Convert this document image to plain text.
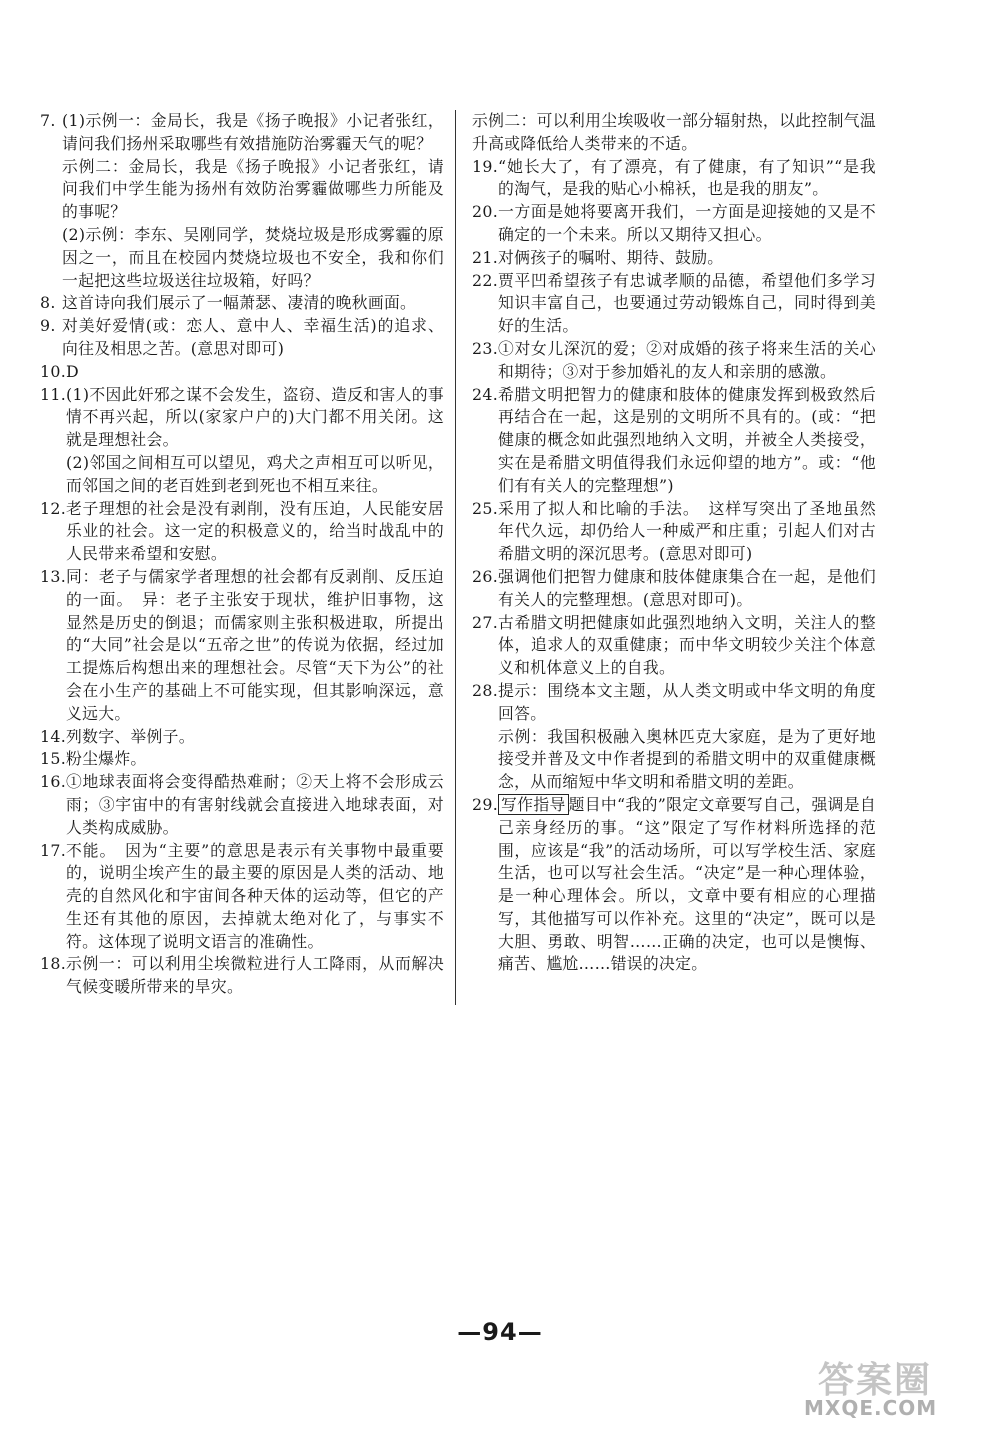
7. (1)示例一：金局长，我是《扬子晚报》小记者张红，请问我们扬州采取哪些有效措施防治雾霾天气的呢？

示例二：金局长，我是《扬子晚报》小记者张红，请问我们中学生能为扬州有效防治雾霾做哪些力所能及的事呢？

(2)示例：李东、吴刚同学，焚烧垃圾是形成雾霾的原因之一，而且在校园内焚烧垃圾也不安全，我和你们一起把这些垃圾送往垃圾箱，好吗？

8. 这首诗向我们展示了一幅萧瑟、凄清的晚秋画面。

9. 对美好爱情(或：恋人、意中人、幸福生活)的追求、向往及相思之苦。(意思对即可)

10. D

11. (1)不因此奸邪之谋不会发生，盗窃、造反和害人的事情不再兴起，所以(家家户户的)大门都不用关闭。这就是理想社会。

(2)邻国之间相互可以望见，鸡犬之声相互可以听见，而邻国之间的老百姓到老到死也不相互来往。

12. 老子理想的社会是没有剥削，没有压迫，人民能安居乐业的社会。这一定的积极意义的，给当时战乱中的人民带来希望和安慰。

13. 同：老子与儒家学者理想的社会都有反剥削、反压迫的一面。　异：老子主张安于现状，维护旧事物，这显然是历史的倒退；而儒家则主张积极进取，所提出的“大同”社会是以“五帝之世”的传说为依据，经过加工提炼后构想出来的理想社会。尽管“天下为公”的社会在小生产的基础上不可能实现，但其影响深远，意义远大。

14. 列数字、举例子。

15. 粉尘爆炸。

16. ①地球表面将会变得酷热难耐；②天上将不会形成云雨；③宇宙中的有害射线就会直接进入地球表面，对人类构成威胁。

17. 不能。　因为“主要”的意思是表示有关事物中最重要的，说明尘埃产生的最主要的原因是人类的活动、地壳的自然风化和宇宙间各种天体的运动等，但它的产生还有其他的原因，去掉就太绝对化了，与事实不符。这体现了说明文语言的准确性。

18. 示例一：可以利用尘埃微粒进行人工降雨，从而解决气候变暖所带来的旱灾。

示例二：可以利用尘埃吸收一部分辐射热，以此控制气温升高或降低给人类带来的不适。

19. “她长大了，有了漂亮，有了健康，有了知识”“是我的淘气，是我的贴心小棉袄，也是我的朋友”。

20. 一方面是她将要离开我们，一方面是迎接她的又是不确定的一个未来。所以又期待又担心。

21. 对俩孩子的嘱咐、期待、鼓励。

22. 贾平凹希望孩子有忠诚孝顺的品德，希望他们多学习知识丰富自己，也要通过劳动锻炼自己，同时得到美好的生活。

23. ①对女儿深沉的爱；②对成婚的孩子将来生活的关心和期待；③对于参加婚礼的友人和亲朋的感激。

24. 希腊文明把智力的健康和肢体的健康发挥到极致然后再结合在一起，这是别的文明所不具有的。(或：“把健康的概念如此强烈地纳入文明，并被全人类接受，实在是希腊文明值得我们永远仰望的地方”。或：“他们有有关人的完整理想”)

25. 采用了拟人和比喻的手法。　这样写突出了圣地虽然年代久远，却仍给人一种威严和庄重；引起人们对古希腊文明的深沉思考。(意思对即可)

26. 强调他们把智力健康和肢体健康集合在一起，是他们有关人的完整理想。(意思对即可)。

27. 古希腊文明把健康如此强烈地纳入文明，关注人的整体，追求人的双重健康；而中华文明较少关注个体意义和机体意义上的自我。

28. 提示：围绕本文主题，从人类文明或中华文明的角度回答。

示例：我国积极融入奥林匹克大家庭，是为了更好地接受并普及文中作者提到的希腊文明中的双重健康概念，从而缩短中华文明和希腊文明的差距。

29. 写作指导 题目中“我的”限定文章要写自己，强调是自己亲身经历的事。“这”限定了写作材料所选择的范围，应该是“我”的活动场所，可以写学校生活、家庭生活，也可以写社会生活。“决定”是一种心理体验，是一种心理体会。所以，文章中要有相应的心理描写，其他描写可以作补充。这里的“决定”，既可以是大胆、勇敢、明智……正确的决定，也可以是懊悔、痛苦、尴尬……错误的决定。

—94—
答案圈
MXQE.COM
